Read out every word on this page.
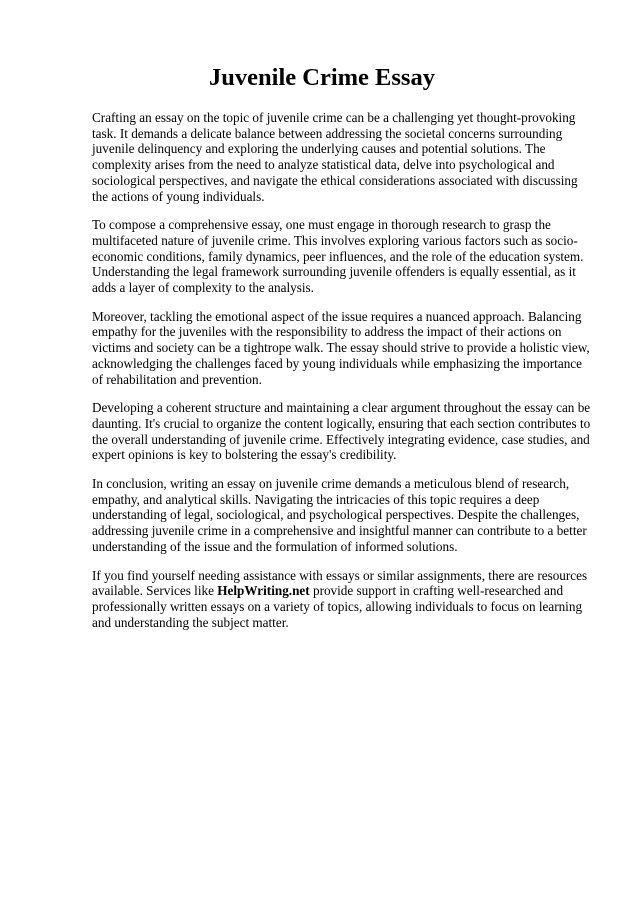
Juvenile Crime Essay

Crafting an essay on the topic of juvenile crime can be a challenging yet thought-provoking task. It demands a delicate balance between addressing the societal concerns surrounding juvenile delinquency and exploring the underlying causes and potential solutions. The complexity arises from the need to analyze statistical data, delve into psychological and sociological perspectives, and navigate the ethical considerations associated with discussing the actions of young individuals.

To compose a comprehensive essay, one must engage in thorough research to grasp the multifaceted nature of juvenile crime. This involves exploring various factors such as socio-economic conditions, family dynamics, peer influences, and the role of the education system. Understanding the legal framework surrounding juvenile offenders is equally essential, as it adds a layer of complexity to the analysis.

Moreover, tackling the emotional aspect of the issue requires a nuanced approach. Balancing empathy for the juveniles with the responsibility to address the impact of their actions on victims and society can be a tightrope walk. The essay should strive to provide a holistic view, acknowledging the challenges faced by young individuals while emphasizing the importance of rehabilitation and prevention.

Developing a coherent structure and maintaining a clear argument throughout the essay can be daunting. It's crucial to organize the content logically, ensuring that each section contributes to the overall understanding of juvenile crime. Effectively integrating evidence, case studies, and expert opinions is key to bolstering the essay's credibility.

In conclusion, writing an essay on juvenile crime demands a meticulous blend of research, empathy, and analytical skills. Navigating the intricacies of this topic requires a deep understanding of legal, sociological, and psychological perspectives. Despite the challenges, addressing juvenile crime in a comprehensive and insightful manner can contribute to a better understanding of the issue and the formulation of informed solutions.

If you find yourself needing assistance with essays or similar assignments, there are resources available. Services like HelpWriting.net provide support in crafting well-researched and professionally written essays on a variety of topics, allowing individuals to focus on learning and understanding the subject matter.
